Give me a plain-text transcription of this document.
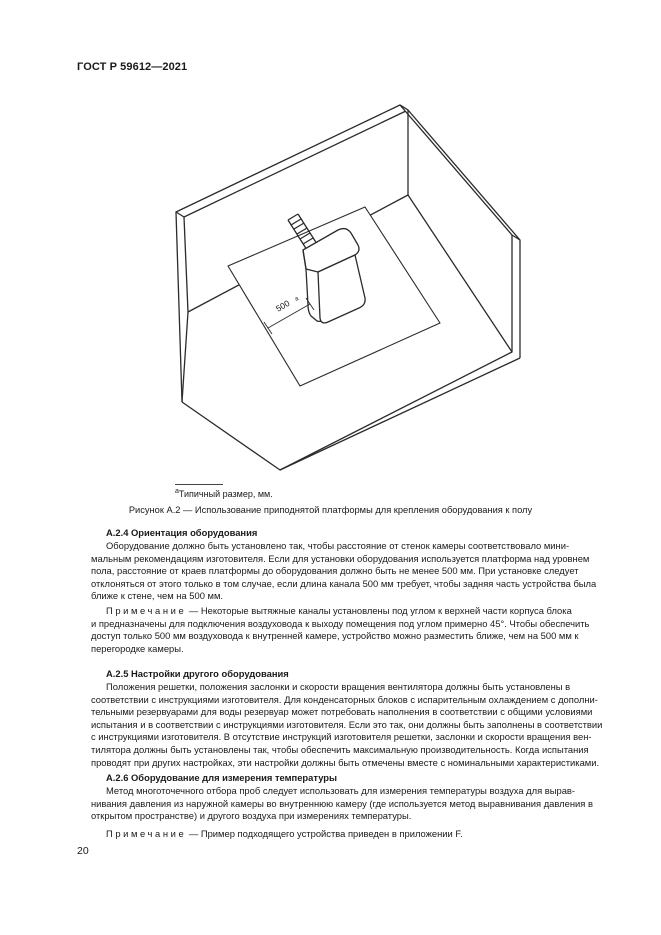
ГОСТ Р 59612—2021
500 a
$^a$Типичный размер, мм.
Рисунок А.2 — Использование приподнятой платформы для крепления оборудования к полу
А.2.4 Ориентация оборудования

Оборудование должно быть установлено так, чтобы расстояние от стенок камеры соответствовало мини-

мальным рекомендациям изготовителя. Если для установки оборудования используется платформа над уровнем

пола, расстояние от краев платформы до оборудования должно быть не менее 500 мм. При установке следует

отклоняться от этого только в том случае, если длина канала 500 мм требует, чтобы задняя часть устройства была

ближе к стене, чем на 500 мм.

Примечание — Некоторые вытяжные каналы установлены под углом к верхней части корпуса блока

и предназначены для подключения воздуховода к выходу помещения под углом примерно 45°. Чтобы обеспечить

доступ только 500 мм воздуховода к внутренней камере, устройство можно разместить ближе, чем на 500 мм к

перегородке камеры.

А.2.5 Настройки другого оборудования

Положения решетки, положения заслонки и скорости вращения вентилятора должны быть установлены в

соответствии с инструкциями изготовителя. Для конденсаторных блоков с испарительным охлаждением с дополни-

тельными резервуарами для воды резервуар может потребовать наполнения в соответствии с общими условиями

испытания и в соответствии с инструкциями изготовителя. Если это так, они должны быть заполнены в соответствии

с инструкциями изготовителя. В отсутствие инструкций изготовителя решетки, заслонки и скорости вращения вен-

тилятора должны быть установлены так, чтобы обеспечить максимальную производительность. Когда испытания

проводят при других настройках, эти настройки должны быть отмечены вместе с номинальными характеристиками.

А.2.6 Оборудование для измерения температуры

Метод многоточечного отбора проб следует использовать для измерения температуры воздуха для вырав-

нивания давления из наружной камеры во внутреннюю камеру (где используется метод выравнивания давления в

открытом пространстве) и другого воздуха при измерениях температуры.

Примечание — Пример подходящего устройства приведен в приложении F.

20
